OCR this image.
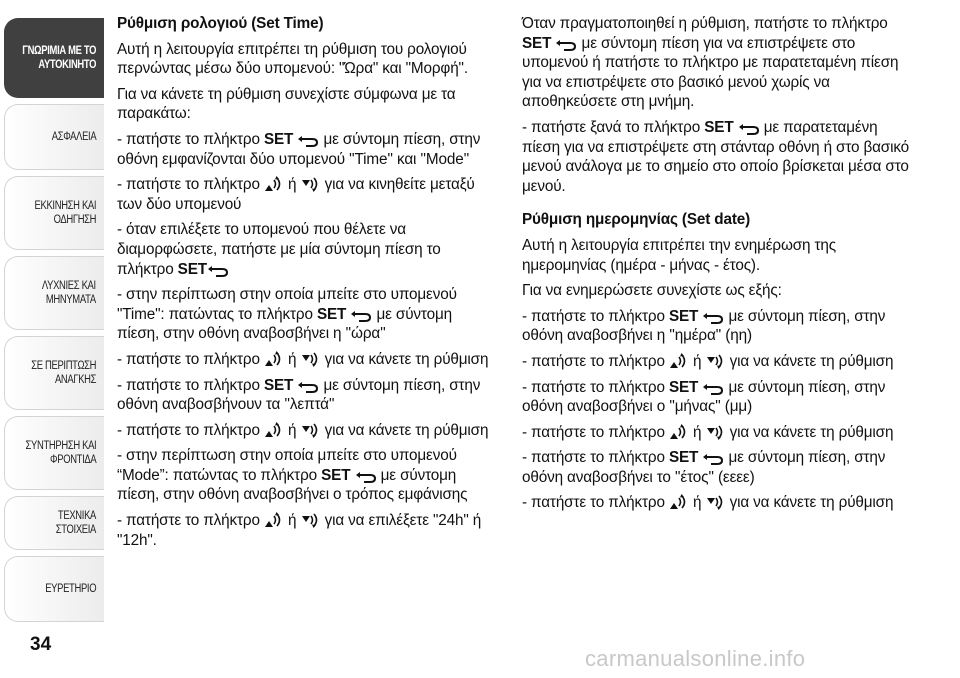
ΓΝΩΡΙΜΙΑ ΜΕ ΤΟ
ΑΥΤΟΚΙΝΗΤΟ
ΑΣΦΑΛΕΙΑ
ΕΚΚΙΝΗΣΗ ΚΑΙ
ΟΔΗΓΗΣΗ
ΛΥΧΝΙΕΣ ΚΑΙ
ΜΗΝΥΜΑΤΑ
ΣΕ ΠΕΡΙΠΤΩΣΗ
ΑΝΑΓΚΗΣ
ΣΥΝΤΗΡΗΣΗ ΚΑΙ
ΦΡΟΝΤΙΔΑ
ΤΕΧΝΙΚΑ ΣΤΟΙΧΕΙΑ
ΕΥΡΕΤΗΡΙΟ
34
Ρύθμιση ρολογιού (Set Time)

Αυτή η λειτουργία επιτρέπει τη ρύθμιση του ρολογιού περνώντας μέσω δύο υπομενού: "Ώρα" και "Μορφή".

Για να κάνετε τη ρύθμιση συνεχίστε σύμφωνα με τα παρακάτω:

- πατήστε το πλήκτρο SET με σύντομη πίεση, στην οθόνη εμφανίζονται δύο υπομενού ''Time'' και ''Mode''

- πατήστε το πλήκτρο ή για να κινηθείτε μεταξύ των δύο υπομενού

- όταν επιλέξετε το υπομενού που θέλετε να διαμορφώσετε, πατήστε με μία σύντομη πίεση το πλήκτρο SET

- στην περίπτωση στην οποία μπείτε στο υπομενού "Time": πατώντας το πλήκτρο SET με σύντομη πίεση, στην οθόνη αναβοσβήνει η ''ώρα''

- πατήστε το πλήκτρο ή για να κάνετε τη ρύθμιση

- πατήστε το πλήκτρο SET με σύντομη πίεση, στην οθόνη αναβοσβήνουν τα ''λεπτά''

- πατήστε το πλήκτρο ή για να κάνετε τη ρύθμιση

- στην περίπτωση στην οποία μπείτε στο υπομενού “Mode”: πατώντας το πλήκτρο SET με σύντομη πίεση, στην οθόνη αναβοσβήνει ο τρόπος εμφάνισης

- πατήστε το πλήκτρο ή για να επιλέξετε "24h" ή "12h".

Όταν πραγματοποιηθεί η ρύθμιση, πατήστε το πλήκτρο SET με σύντομη πίεση για να επιστρέψετε στο υπομενού ή πατήστε το πλήκτρο με παρατεταμένη πίεση για να επιστρέψετε στο βασικό μενού χωρίς να αποθηκεύσετε στη μνήμη.

- πατήστε ξανά το πλήκτρο SET με παρατεταμένη πίεση για να επιστρέψετε στη στάνταρ οθόνη ή στο βασικό μενού ανάλογα με το σημείο στο οποίο βρίσκεται μέσα στο μενού.

Ρύθμιση ημερομηνίας (Set date)

Αυτή η λειτουργία επιτρέπει την ενημέρωση της ημερομηνίας (ημέρα - μήνας - έτος).

Για να ενημερώσετε συνεχίστε ως εξής:

- πατήστε το πλήκτρο SET με σύντομη πίεση, στην οθόνη αναβοσβήνει η ''ημέρα'' (ηη)

- πατήστε το πλήκτρο ή για να κάνετε τη ρύθμιση

- πατήστε το πλήκτρο SET με σύντομη πίεση, στην οθόνη αναβοσβήνει ο ''μήνας'' (μμ)

- πατήστε το πλήκτρο ή για να κάνετε τη ρύθμιση

- πατήστε το πλήκτρο SET με σύντομη πίεση, στην οθόνη αναβοσβήνει το ''έτος'' (εεεε)

- πατήστε το πλήκτρο ή για να κάνετε τη ρύθμιση

carmanualsonline.info
